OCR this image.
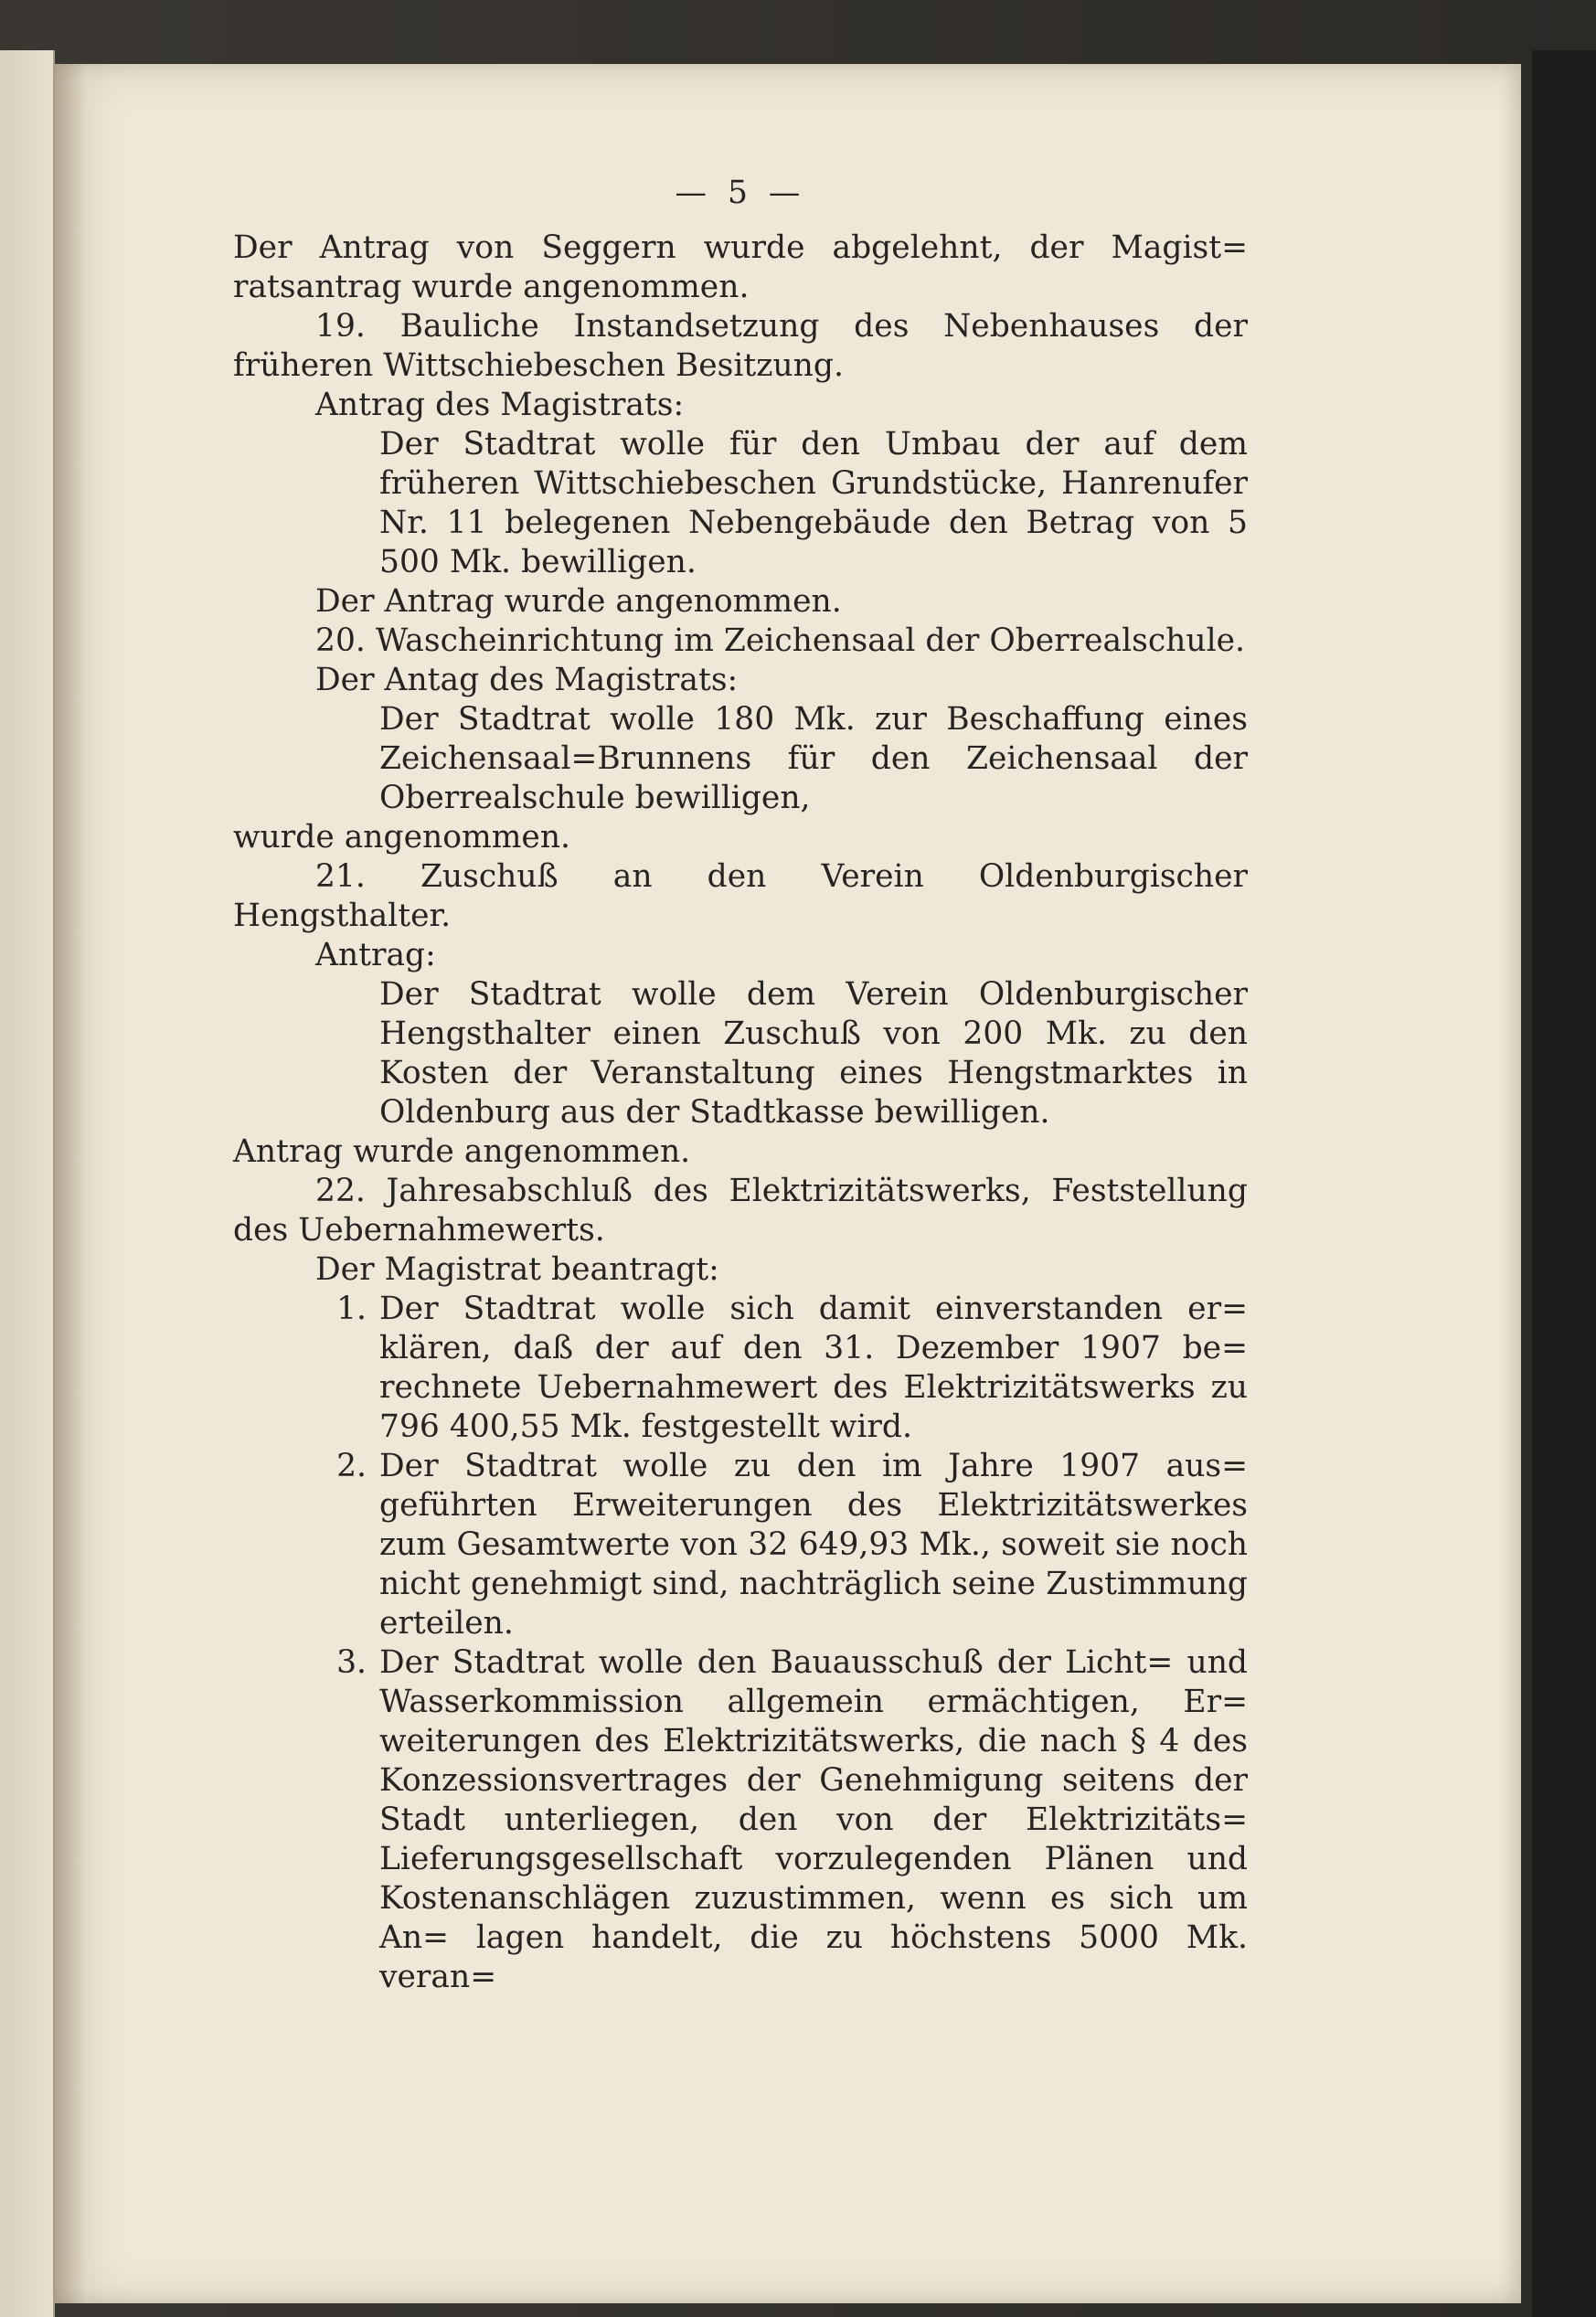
— 5 —

Der Antrag von Seggern wurde abgelehnt, der Magist= ratsantrag wurde angenommen.

19. Bauliche Instandsetzung des Nebenhauses der früheren Wittschiebeschen Besitzung.

Antrag des Magistrats:

Der Stadtrat wolle für den Umbau der auf dem früheren Wittschiebeschen Grundstücke, Hanrenufer Nr. 11 belegenen Nebengebäude den Betrag von 5 500 Mk. bewilligen.

Der Antrag wurde angenommen.

20. Wascheinrichtung im Zeichensaal der Oberrealschule.

Der Antag des Magistrats:

Der Stadtrat wolle 180 Mk. zur Beschaffung eines Zeichensaal=Brunnens für den Zeichensaal der Oberrealschule bewilligen,

wurde angenommen.

21. Zuschuß an den Verein Oldenburgischer Hengsthalter.

Antrag:

Der Stadtrat wolle dem Verein Oldenburgischer Hengsthalter einen Zuschuß von 200 Mk. zu den Kosten der Veranstaltung eines Hengstmarktes in Oldenburg aus der Stadtkasse bewilligen.

Antrag wurde angenommen.

22. Jahresabschluß des Elektrizitätswerks, Feststellung des Uebernahmewerts.

Der Magistrat beantragt:

1. Der Stadtrat wolle sich damit einverstanden er= klären, daß der auf den 31. Dezember 1907 be= rechnete Uebernahmewert des Elektrizitätswerks zu 796 400,55 Mk. festgestellt wird.
2. Der Stadtrat wolle zu den im Jahre 1907 aus= geführten Erweiterungen des Elektrizitätswerkes zum Gesamtwerte von 32 649,93 Mk., soweit sie noch nicht genehmigt sind, nachträglich seine Zustimmung erteilen.
3. Der Stadtrat wolle den Bauausschuß der Licht= und Wasserkommission allgemein ermächtigen, Er= weiterungen des Elektrizitätswerks, die nach § 4 des Konzessionsvertrages der Genehmigung seitens der Stadt unterliegen, den von der Elektrizitäts= Lieferungsgesellschaft vorzulegenden Plänen und Kostenanschlägen zuzustimmen, wenn es sich um An= lagen handelt, die zu höchstens 5000 Mk. veran=
